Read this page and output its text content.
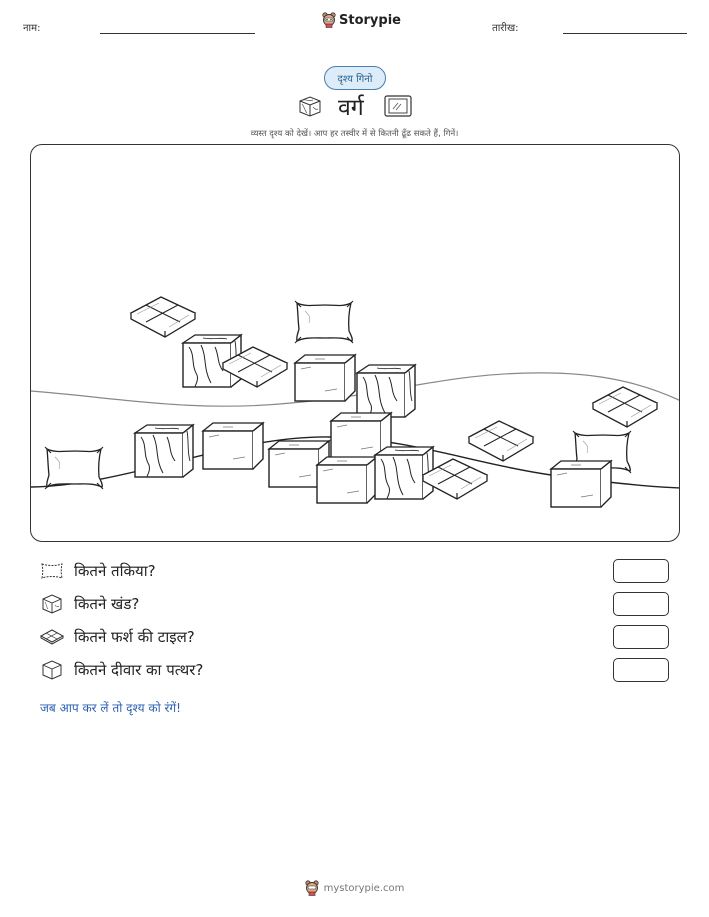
नाम:
Storypie
तारीख:
दृश्य गिनो
वर्ग
व्यस्त दृश्य को देखें। आप हर तस्वीर में से कितनी ढूँढ सकते हैं, गिनें।
कितने तकिया?
कितने खंड?
कितने फर्श की टाइल?
कितने दीवार का पत्थर?
जब आप कर लें तो दृश्य को रंगें!
mystorypie.com
